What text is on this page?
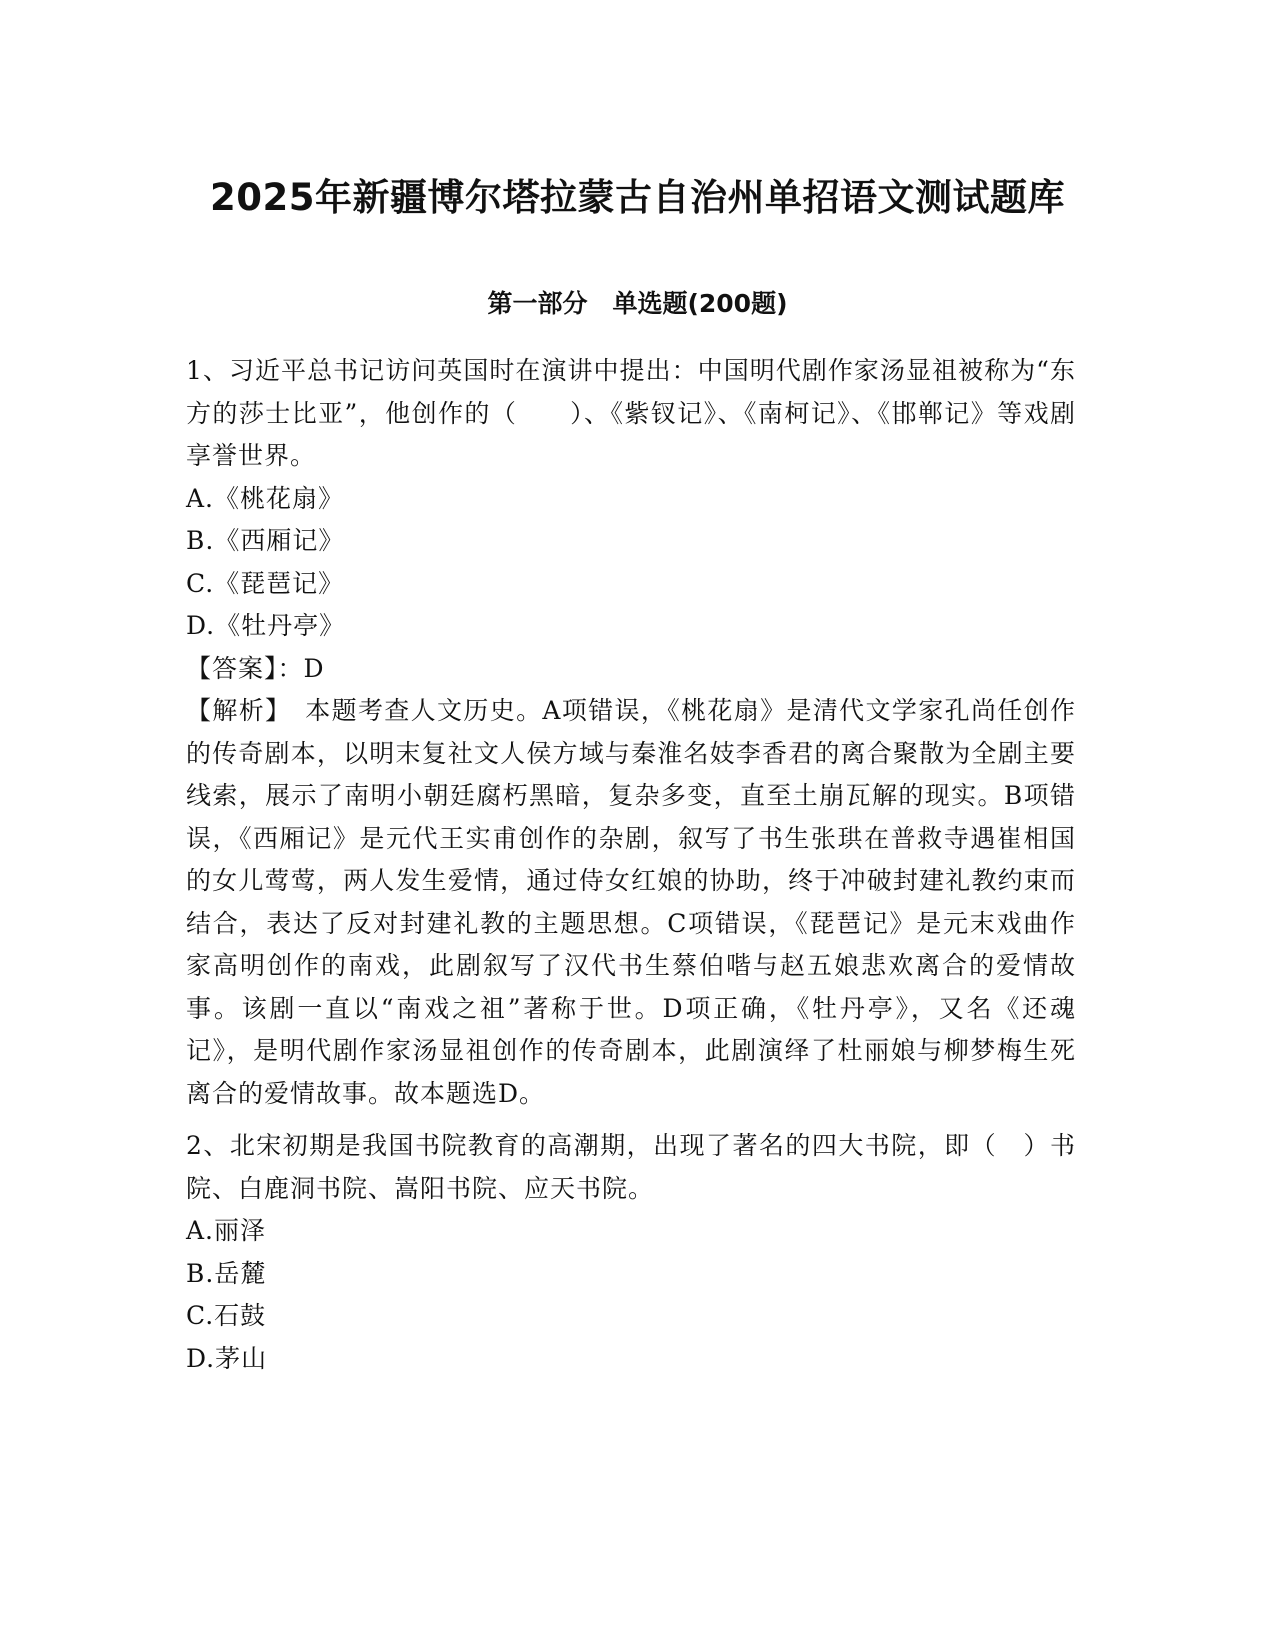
2025年新疆博尔塔拉蒙古自治州单招语文测试题库
第一部分　单选题(200题)

1、习近平总书记访问英国时在演讲中提出：中国明代剧作家汤显祖被称为“东方的莎士比亚”，他创作的（　　）、《紫钗记》、《南柯记》、《邯郸记》等戏剧享誉世界。

A.《桃花扇》

B.《西厢记》

C.《琵琶记》

D.《牡丹亭》

【答案】：D

【解析】　本题考查人文历史。A项错误，《桃花扇》是清代文学家孔尚任创作的传奇剧本，以明末复社文人侯方域与秦淮名妓李香君的离合聚散为全剧主要线索，展示了南明小朝廷腐朽黑暗，复杂多变，直至土崩瓦解的现实。B项错误，《西厢记》是元代王实甫创作的杂剧，叙写了书生张珙在普救寺遇崔相国的女儿莺莺，两人发生爱情，通过侍女红娘的协助，终于冲破封建礼教约束而结合，表达了反对封建礼教的主题思想。C项错误，《琵琶记》是元末戏曲作家高明创作的南戏，此剧叙写了汉代书生蔡伯喈与赵五娘悲欢离合的爱情故事。该剧一直以“南戏之祖”著称于世。D项正确，《牡丹亭》，又名《还魂记》，是明代剧作家汤显祖创作的传奇剧本，此剧演绎了杜丽娘与柳梦梅生死离合的爱情故事。故本题选D。

2、北宋初期是我国书院教育的高潮期，出现了著名的四大书院，即（　）书院、白鹿洞书院、嵩阳书院、应天书院。

A.丽泽

B.岳麓

C.石鼓

D.茅山
